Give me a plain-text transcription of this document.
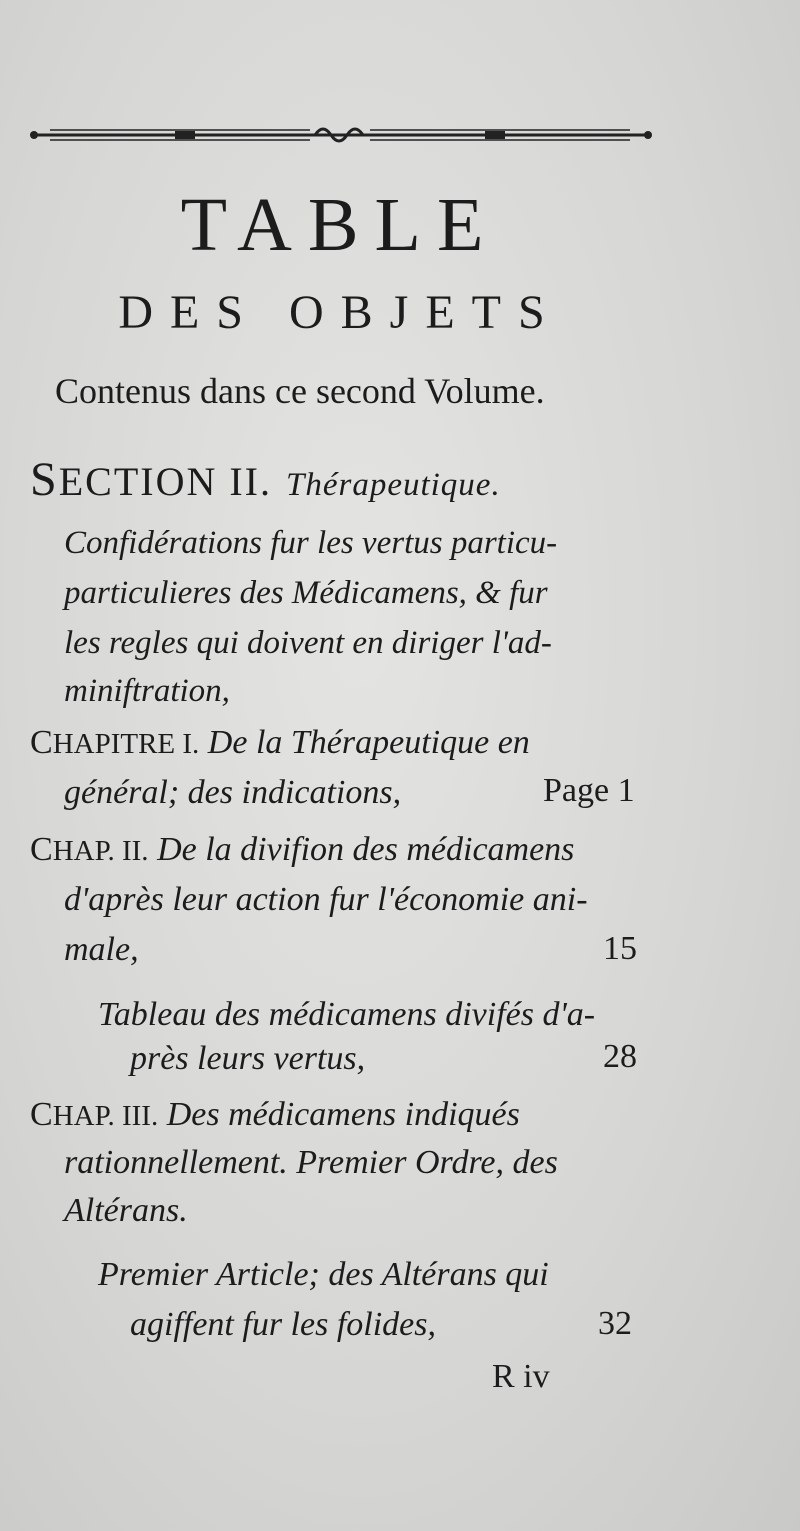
TABLE
DES OBJETS
Contenus dans ce second Volume.
SECTION II. Thérapeutique.
Confidérations fur les vertus particu-
particulieres des Médicamens, & fur
les regles qui doivent en diriger l'ad-
miniftration,
CHAPITRE I. De la Thérapeutique en
général; des indications,	Page 1
CHAP. II. De la divifion des médicamens
d'après leur action fur l'économie ani-
male,	15
Tableau des médicamens divifés d'a-
près leurs vertus,	28
CHAP. III. Des médicamens indiqués
rationnellement. Premier Ordre, des
Altérans.
Premier Article; des Altérans qui
agiffent fur les folides,	32
R iv
